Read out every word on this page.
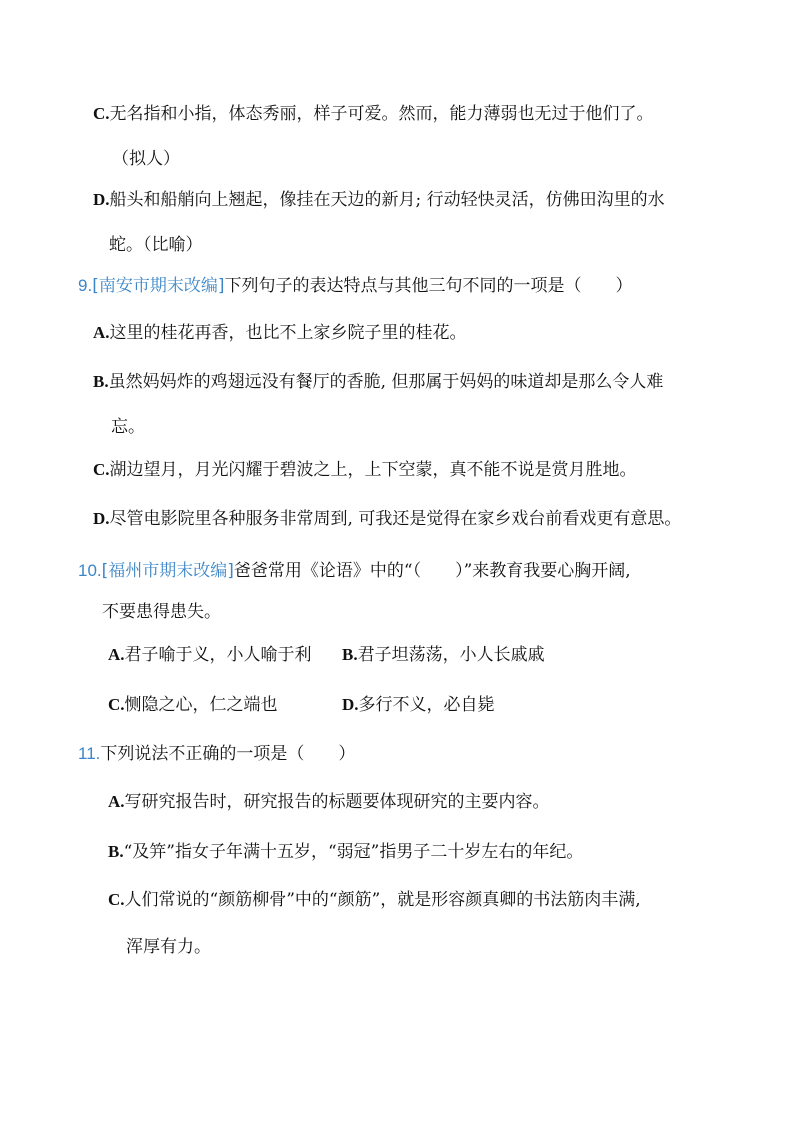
C.无名指和小指，体态秀丽，样子可爱。然而，能力薄弱也无过于他们了。
（拟人）
D.船头和船艄向上翘起，像挂在天边的新月; 行动轻快灵活，仿佛田沟里的水
蛇。（比喻）
9.[南安市期末改编]下列句子的表达特点与其他三句不同的一项是（　　）
A.这里的桂花再香，也比不上家乡院子里的桂花。
B.虽然妈妈炸的鸡翅远没有餐厅的香脆, 但那属于妈妈的味道却是那么令人难
忘。
C.湖边望月，月光闪耀于碧波之上，上下空蒙，真不能不说是赏月胜地。
D.尽管电影院里各种服务非常周到, 可我还是觉得在家乡戏台前看戏更有意思。
10.[福州市期末改编]爸爸常用《论语》中的“（　　）”来教育我要心胸开阔,
不要患得患失。
A.君子喻于义，小人喻于利 B.君子坦荡荡，小人长戚戚
C.恻隐之心，仁之端也	D.多行不义，必自毙
11.下列说法不正确的一项是（　　）
A.写研究报告时，研究报告的标题要体现研究的主要内容。
B.“及笄”指女子年满十五岁，“弱冠”指男子二十岁左右的年纪。
C.人们常说的“颜筋柳骨”中的“颜筋”，就是形容颜真卿的书法筋肉丰满,
浑厚有力。
